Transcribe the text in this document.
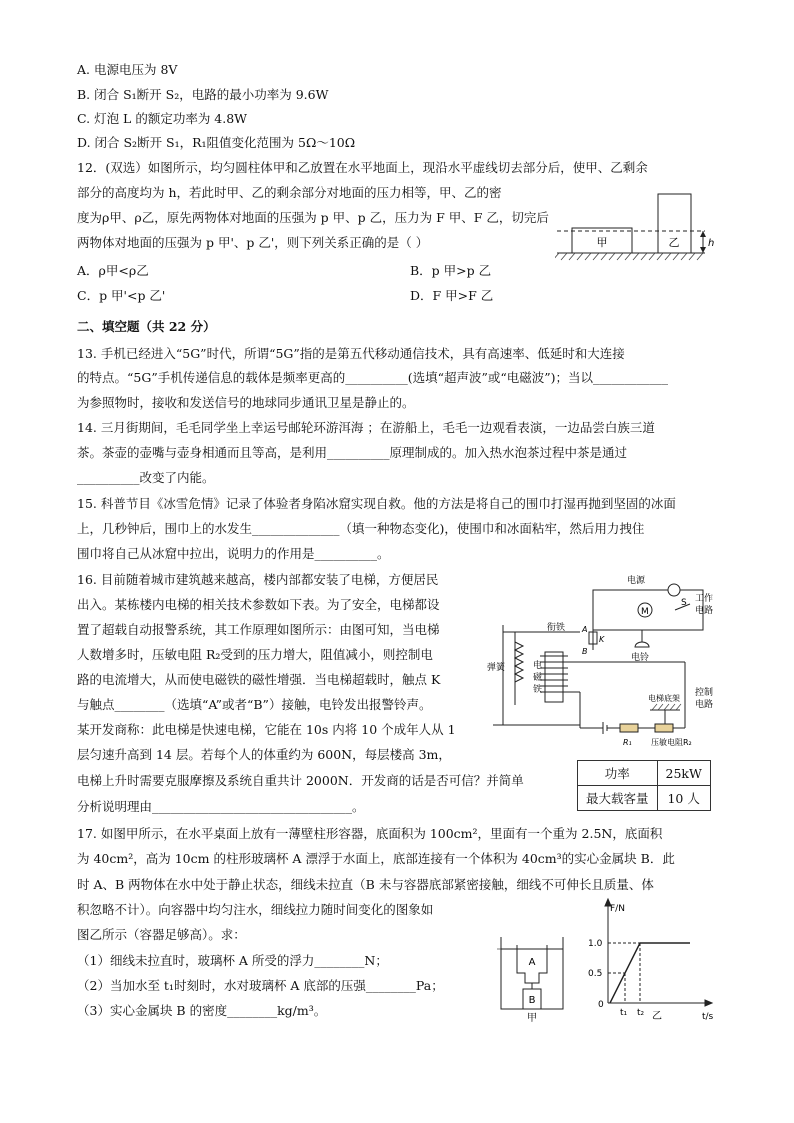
A. 电源电压为 8V
B. 闭合 S₁断开 S₂，电路的最小功率为 9.6W
C. 灯泡 L 的额定功率为 4.8W
D. 闭合 S₂断开 S₁，R₁阻值变化范围为 5Ω～10Ω
12．(双选）如图所示，均匀圆柱体甲和乙放置在水平地面上，现沿水平虚线切去部分后，使甲、乙剩余
部分的高度均为 h，若此时甲、乙的剩余部分对地面的压力相等，甲、乙的密
度为ρ甲、ρ乙，原先两物体对地面的压强为 p 甲、p 乙，压力为 F 甲、F 乙，切完后
两物体对地面的压强为 p 甲'、p 乙'，则下列关系正确的是（ ）
A．ρ甲<ρ乙	B．p 甲>p 乙
C．p 甲'<p 乙'	D．F 甲>F 乙
甲	乙	h
二、填空题（共 22 分）
13. 手机已经进入“5G”时代，所谓“5G”指的是第五代移动通信技术，具有高速率、低延时和大连接
的特点。“5G”手机传递信息的载体是频率更高的__________(选填“超声波”或“电磁波”)；当以____________
为参照物时，接收和发送信号的地球同步通讯卫星是静止的。
14. 三月街期间，毛毛同学坐上幸运号邮轮环游洱海 ；在游船上，毛毛一边观看表演，一边品尝白族三道
茶。茶壶的壶嘴与壶身相通而且等高，是利用__________原理制成的。加入热水泡茶过程中茶是通过
__________改变了内能。
15. 科普节目《冰雪危情》记录了体验者身陷冰窟实现自救。他的方法是将自己的围巾打湿再抛到坚固的冰面
上，几秒钟后，围巾上的水发生______________（填一种物态变化)，使围巾和冰面粘牢，然后用力拽住
围巾将自己从冰窟中拉出，说明力的作用是__________。
16. 目前随着城市建筑越来越高，楼内部都安装了电梯，方便居民
出入。某栋楼内电梯的相关技术参数如下表。为了安全，电梯都设
置了超载自动报警系统，其工作原理如图所示：由图可知，当电梯
人数增多时，压敏电阻 R₂受到的压力增大，阻值减小，则控制电
路的电流增大，从而使电磁铁的磁性增强．当电梯超载时，触点 K
与触点________（选填“A”或者“B”）接触，电铃发出报警铃声。
某开发商称：此电梯是快速电梯，它能在 10s 内将 10 个成年人从 1
层匀速升高到 14 层。若每个人的体重约为 600N，每层楼高 3m，
电梯上升时需要克服摩擦及系统自重共计 2000N．开发商的话是否可信？并简单
分析说明理由________________________________。
电源
M
S 工作
电路
衔铁 A
K
B
电铃
弹簧	电
磁
铁	控制
电路
电梯底架
R₁ 压敏电阻R₂
功率	25kW
最大载客量	10 人
17. 如图甲所示，在水平桌面上放有一薄壁柱形容器，底面积为 100cm²，里面有一个重为 2.5N，底面积
为 40cm²，高为 10cm 的柱形玻璃杯 A 漂浮于水面上，底部连接有一个体积为 40cm³的实心金属块 B．此
时 A、B 两物体在水中处于静止状态，细线未拉直（B 未与容器底部紧密接触，细线不可伸长且质量、体
积忽略不计）。向容器中均匀注水，细线拉力随时间变化的图象如
图乙所示（容器足够高）。求：
（1）细线未拉直时，玻璃杯 A 所受的浮力________N；
（2）当加水至 t₁时刻时，水对玻璃杯 A 底部的压强________Pa；
（3）实心金属块 B 的密度________kg/m³。
A
B
甲
F/N
t/s
1.0
0.5
0
t₁ t₂ 乙
